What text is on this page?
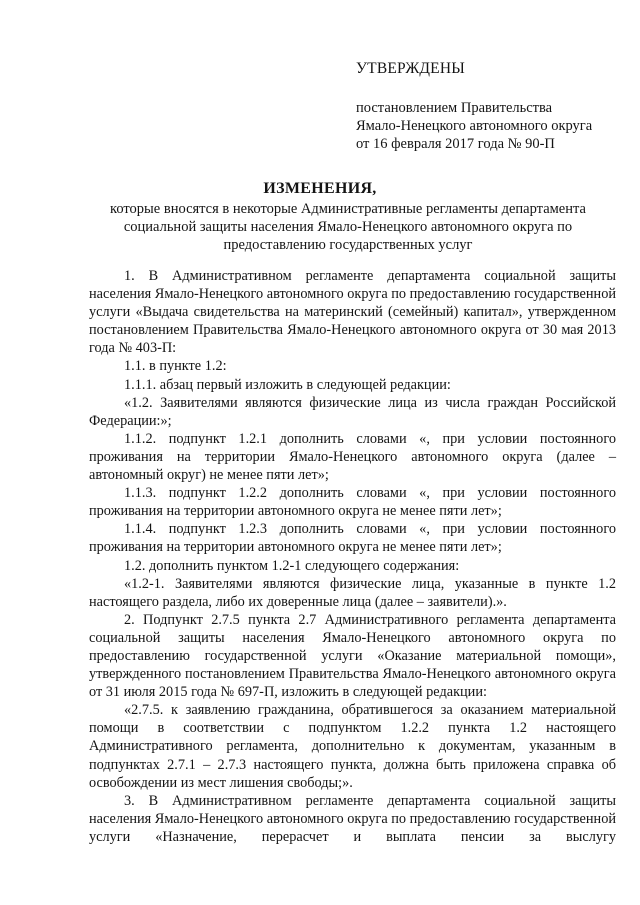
УТВЕРЖДЕНЫ
постановлением Правительства
Ямало-Ненецкого автономного округа
от 16 февраля 2017 года № 90-П
ИЗМЕНЕНИЯ,
которые вносятся в некоторые Административные регламенты департамента социальной защиты населения Ямало-Ненецкого автономного округа по предоставлению государственных услуг

1. В Административном регламенте департамента социальной защиты населения Ямало-Ненецкого автономного округа по предоставлению государственной услуги «Выдача свидетельства на материнский (семейный) капитал», утвержденном постановлением Правительства Ямало-Ненецкого автономного округа от 30 мая 2013 года № 403-П:

1.1. в пункте 1.2:

1.1.1. абзац первый изложить в следующей редакции:

«1.2. Заявителями являются физические лица из числа граждан Российской Федерации:»;

1.1.2. подпункт 1.2.1 дополнить словами «, при условии постоянного проживания на территории Ямало-Ненецкого автономного округа (далее – автономный округ) не менее пяти лет»;

1.1.3. подпункт 1.2.2 дополнить словами «, при условии постоянного проживания на территории автономного округа не менее пяти лет»;

1.1.4. подпункт 1.2.3 дополнить словами «, при условии постоянного проживания на территории автономного округа не менее пяти лет»;

1.2. дополнить пунктом 1.2-1 следующего содержания:

«1.2-1. Заявителями являются физические лица, указанные в пункте 1.2 настоящего раздела, либо их доверенные лица (далее – заявители).».

2. Подпункт 2.7.5 пункта 2.7 Административного регламента департамента социальной защиты населения Ямало-Ненецкого автономного округа по предоставлению государственной услуги «Оказание материальной помощи», утвержденного постановлением Правительства Ямало-Ненецкого автономного округа от 31 июля 2015 года № 697-П, изложить в следующей редакции:

«2.7.5. к заявлению гражданина, обратившегося за оказанием материальной помощи в соответствии с подпунктом 1.2.2 пункта 1.2 настоящего Административного регламента, дополнительно к документам, указанным в подпунктах 2.7.1 – 2.7.3 настоящего пункта, должна быть приложена справка об освобождении из мест лишения свободы;».

3. В Административном регламенте департамента социальной защиты населения Ямало-Ненецкого автономного округа по предоставлению государственной услуги «Назначение, перерасчет и выплата пенсии за выслугу
